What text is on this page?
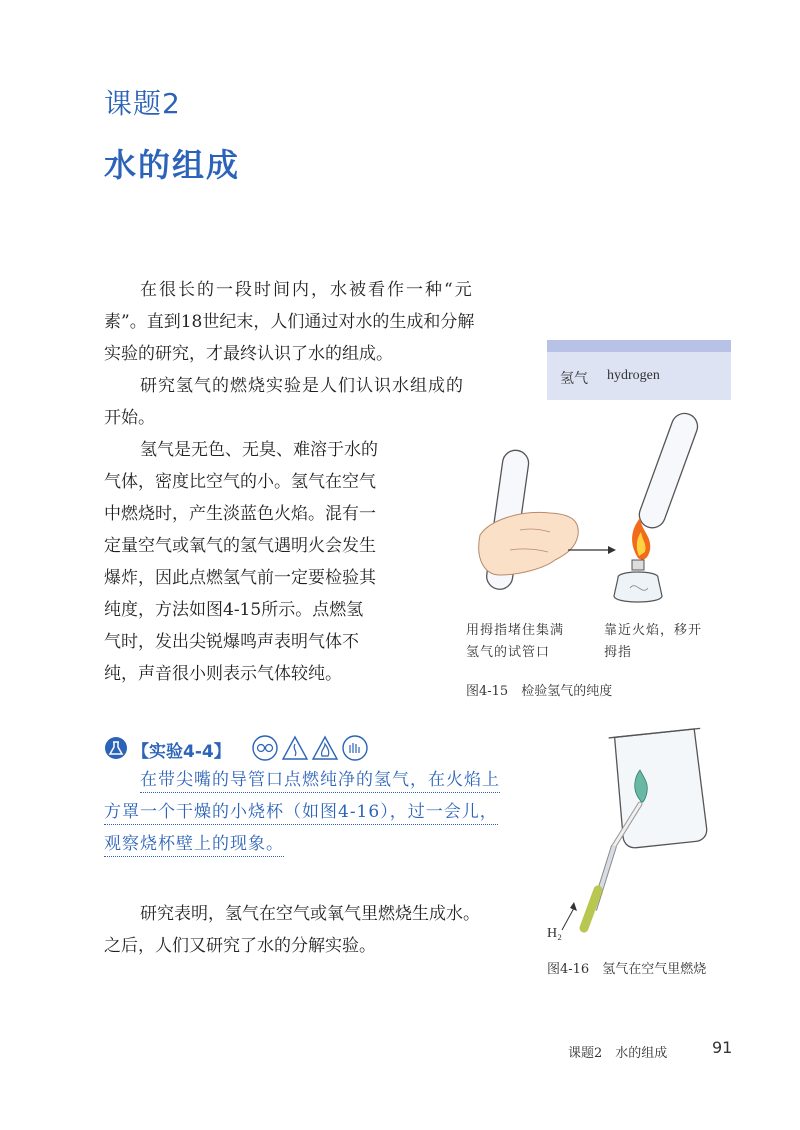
课题2
水的组成
在很长的一段时间内，水被看作一种“元
素”。直到18世纪末，人们通过对水的生成和分解
实验的研究，才最终认识了水的组成。
研究氢气的燃烧实验是人们认识水组成的
开始。
氢气 hydrogen
氢气是无色、无臭、难溶于水的
气体，密度比空气的小。氢气在空气
中燃烧时，产生淡蓝色火焰。混有一
定量空气或氧气的氢气遇明火会发生
爆炸，因此点燃氢气前一定要检验其
纯度，方法如图4-15所示。点燃氢
气时，发出尖锐爆鸣声表明气体不
纯，声音很小则表示气体较纯。
用拇指堵住集满
氢气的试管口
靠近火焰，移开
拇指
图4-15　检验氢气的纯度
【实验4-4】
在带尖嘴的导管口点燃纯净的氢气，在火焰上
方罩一个干燥的小烧杯（如图4-16），过一会儿，
观察烧杯壁上的现象。
H₂
图4-16　氢气在空气里燃烧
研究表明，氢气在空气或氧气里燃烧生成水。
之后，人们又研究了水的分解实验。
课题2　水的组成	91
